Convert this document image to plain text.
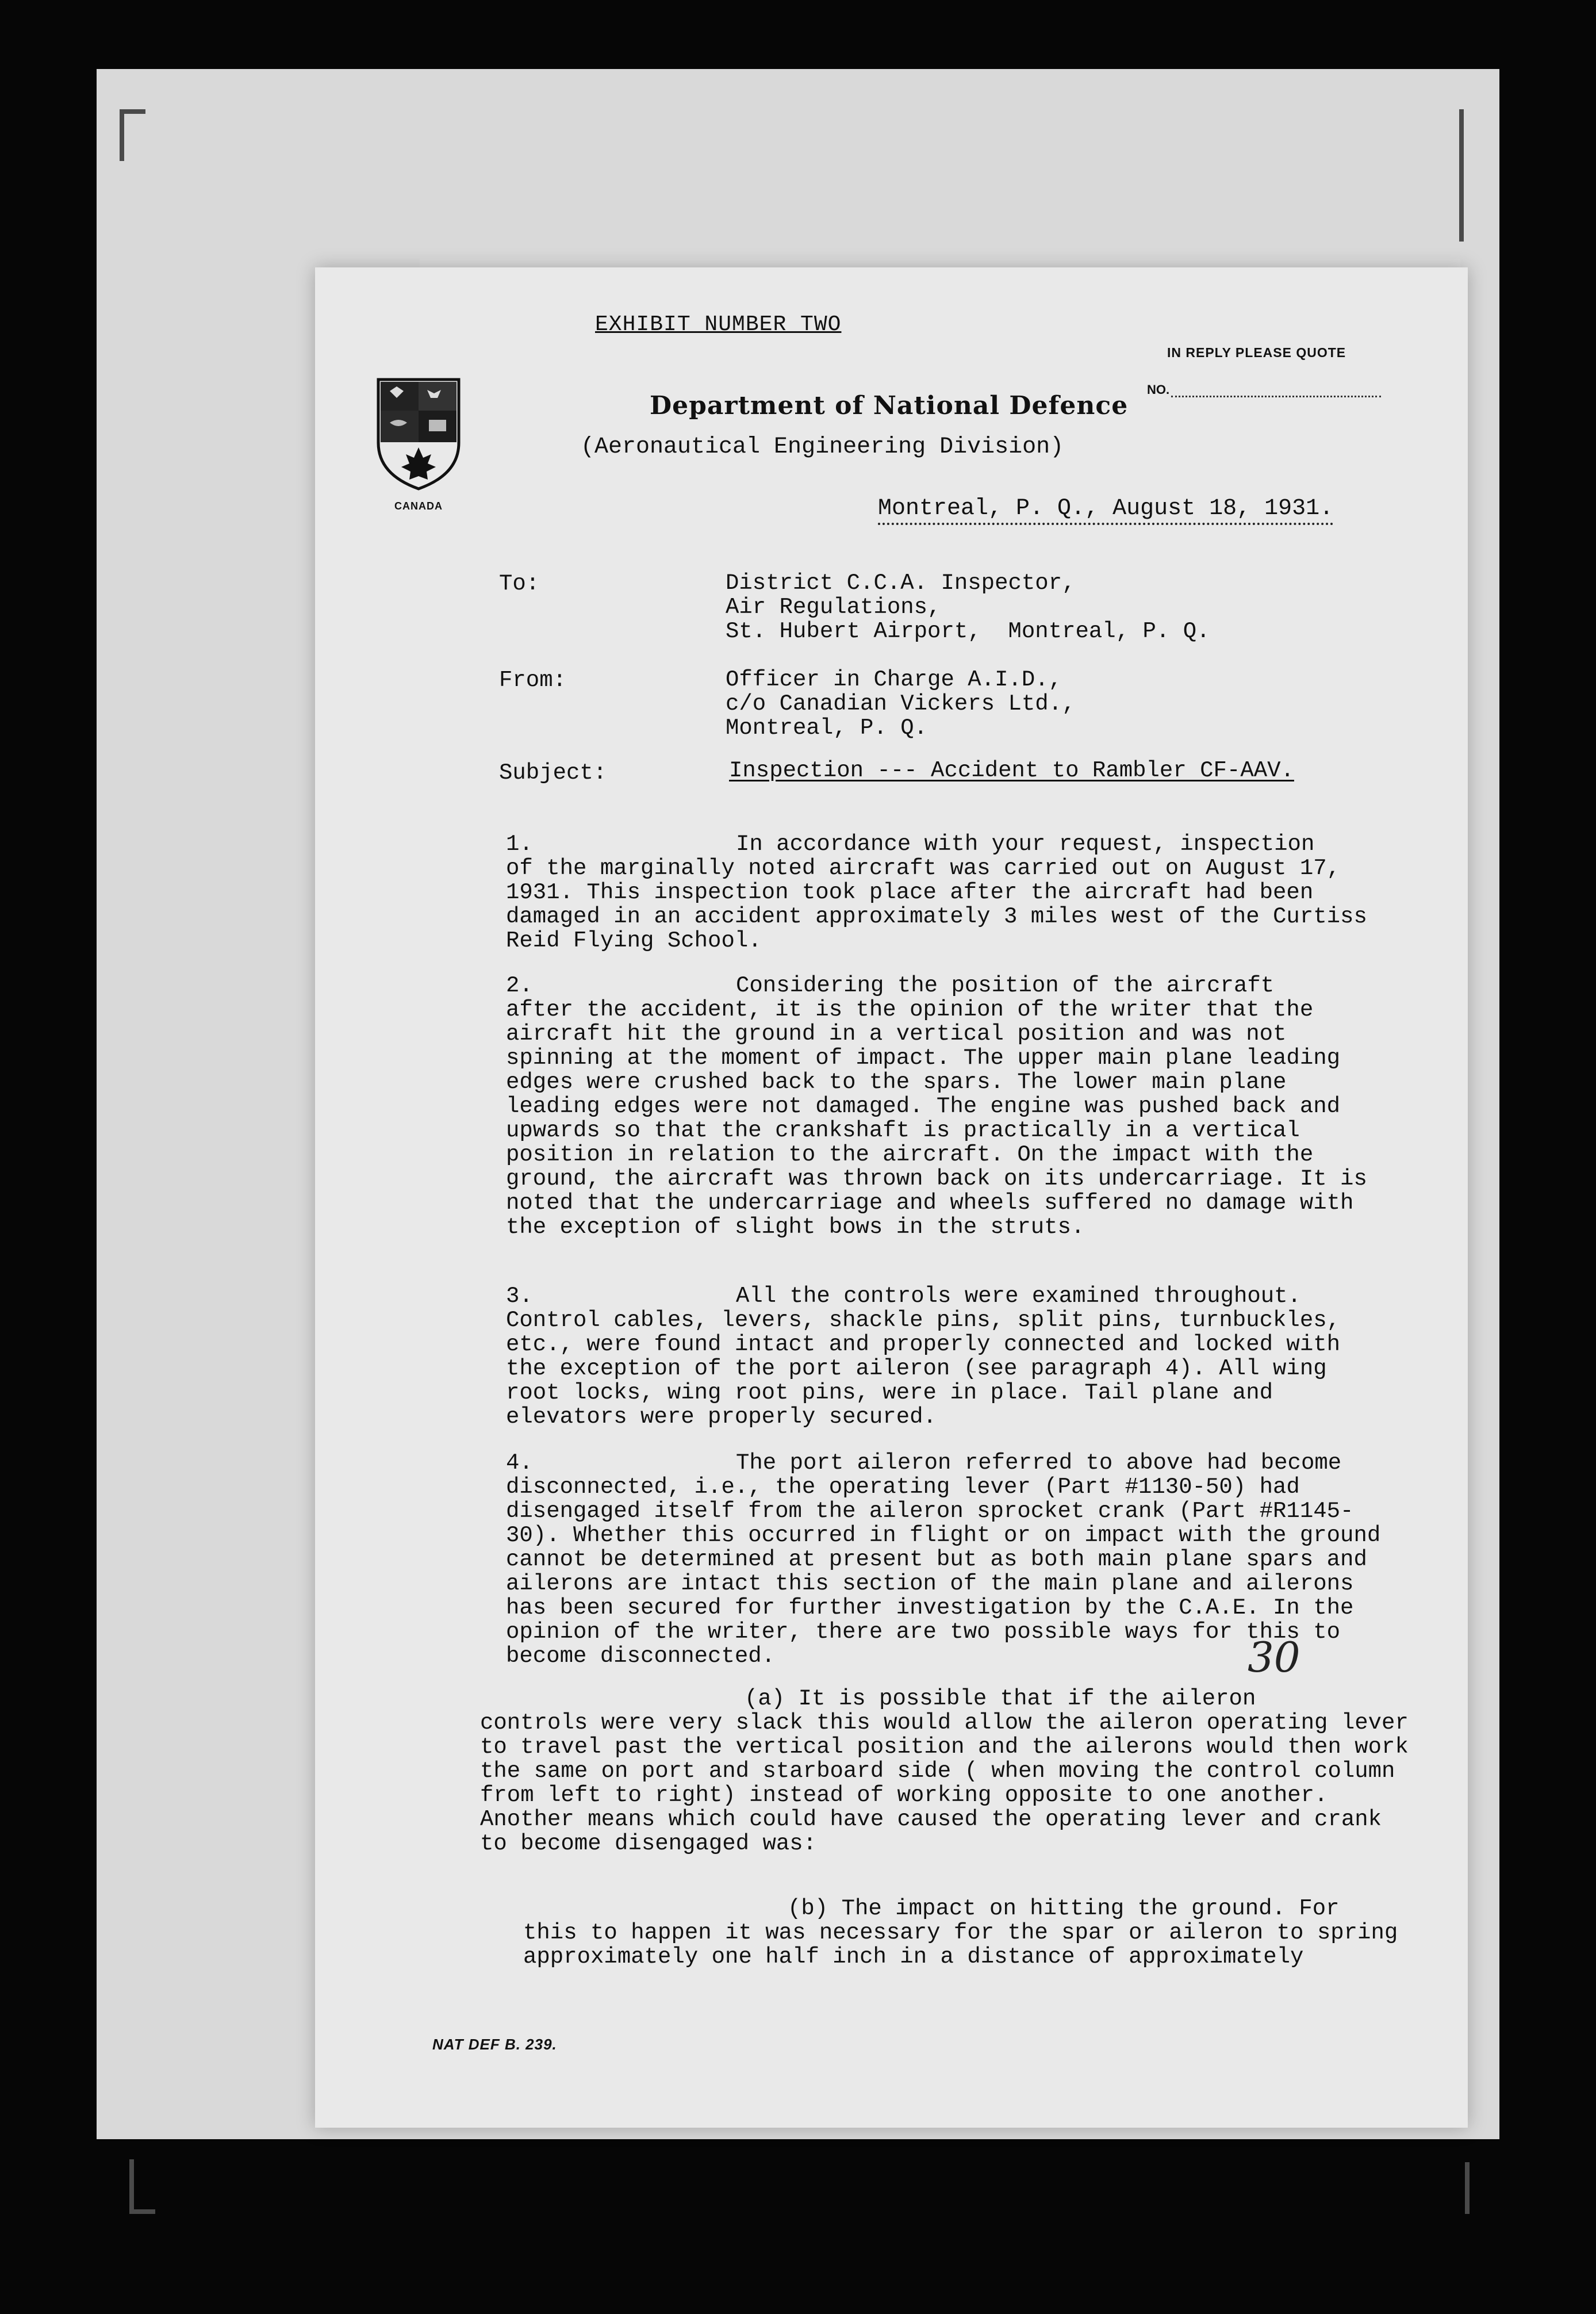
EXHIBIT NUMBER TWO
IN REPLY PLEASE QUOTE
NO.
CANADA
Department of National Defence
(Aeronautical Engineering Division)
Montreal, P. Q., August 18, 1931.
To:	District C.C.A. Inspector,
Air Regulations,
St. Hubert Airport,  Montreal, P. Q.
From:	Officer in Charge A.I.D.,
c/o Canadian Vickers Ltd.,
Montreal, P. Q.
Subject:	Inspection --- Accident to Rambler CF-AAV.
1.	In accordance with your request, inspection
of the marginally noted aircraft was carried out on August 17, 1931. This inspection took place after the aircraft had been damaged in an accident approximately 3 miles west of the Curtiss Reid Flying School.
2.	Considering the position of the aircraft
after the accident, it is the opinion of the writer that the aircraft hit the ground in a vertical position and was not spinning at the moment of impact. The upper main plane leading edges were crushed back to the spars. The lower main plane leading edges were not damaged. The engine was pushed back and upwards so that the crankshaft is practically in a vertical position in relation to the aircraft. On the impact with the ground, the aircraft was thrown back on its undercarriage. It is noted that the undercarriage and wheels suffered no damage with the exception of slight bows in the struts.
3.	All the controls were examined throughout.
Control cables, levers, shackle pins, split pins, turnbuckles, etc., were found intact and properly connected and locked with the exception of the port aileron (see paragraph 4). All wing root locks, wing root pins, were in place. Tail plane and elevators were properly secured.
4.	The port aileron referred to above had become
disconnected, i.e., the operating lever (Part #1130-50) had disengaged itself from the aileron sprocket crank (Part #R1145-30). Whether this occurred in flight or on impact with the ground cannot be determined at present but as both main plane spars and ailerons are intact this section of the main plane and ailerons has been secured for further investigation by the C.A.E. In the opinion of the writer, there are two possible ways for this to become disconnected.	30
(a) It is possible that if the aileron
controls were very slack this would allow the aileron operating lever to travel past the vertical position and the ailerons would then work the same on port and starboard side ( when moving the control column from left to right) instead of working opposite to one another. Another means which could have caused the operating lever and crank to become disengaged was:
(b) The impact on hitting the ground. For
this to happen it was necessary for the spar or aileron to spring approximately one half inch in a distance of approximately
NAT DEF B. 239.
